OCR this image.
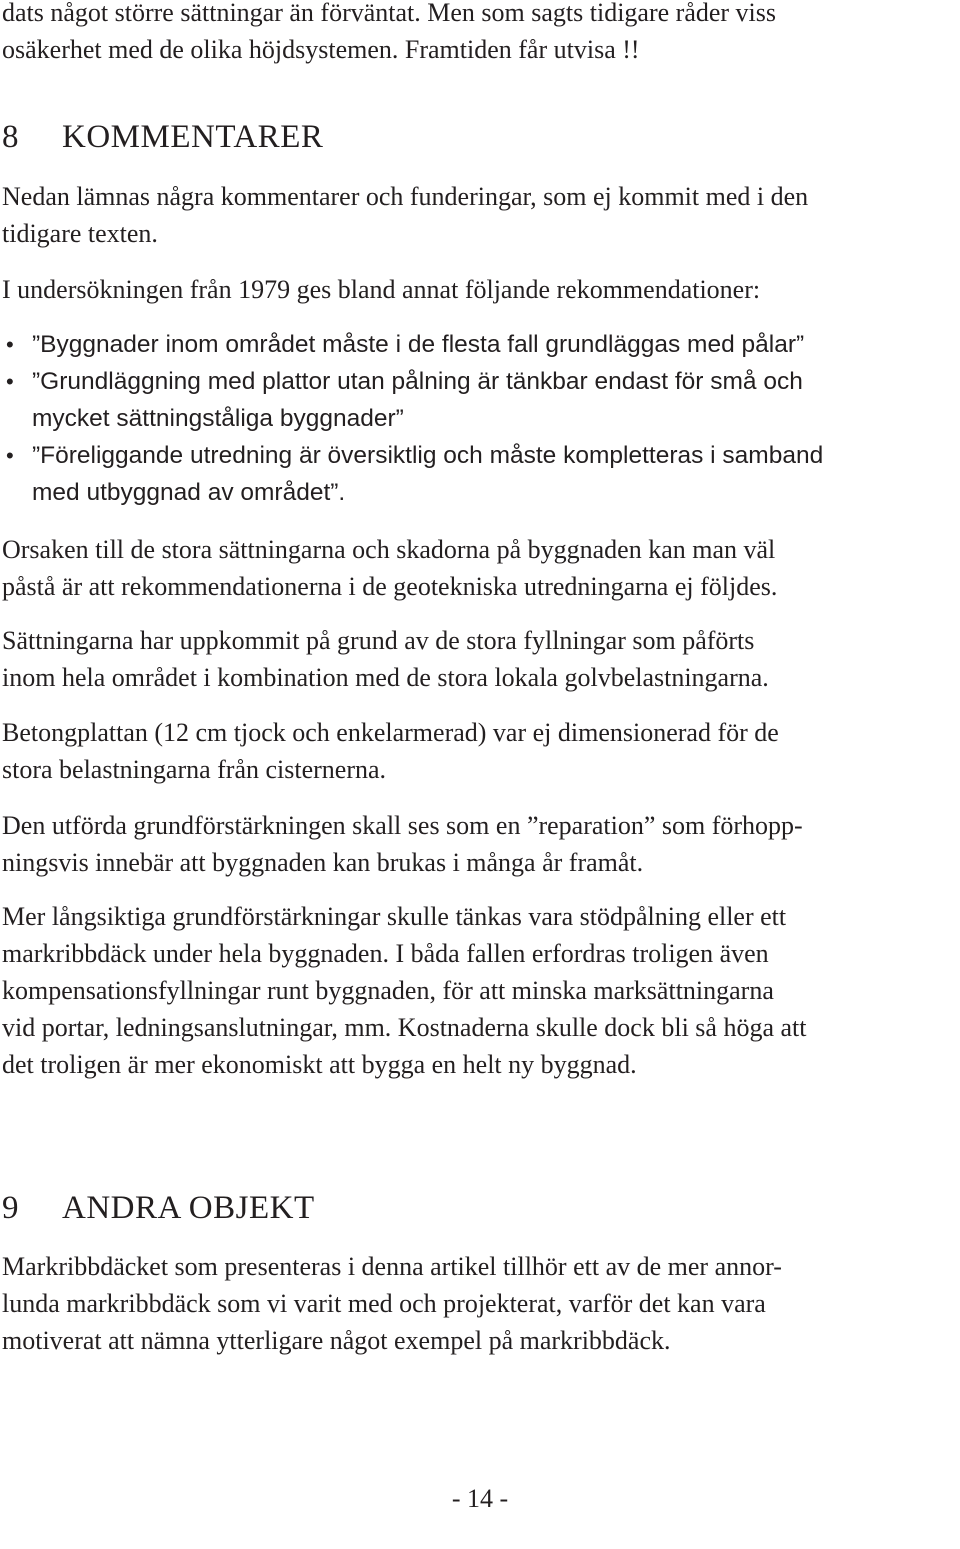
dats något större sättningar än förväntat. Men som sagts tidigare råder viss
osäkerhet med de olika höjdsystemen. Framtiden får utvisa !!

8 KOMMENTARER

Nedan lämnas några kommentarer och funderingar, som ej kommit med i den
tidigare texten.

I undersökningen från 1979 ges bland annat följande rekommendationer:

• ”Byggnader inom området måste i de flesta fall grundläggas med pålar”
• ”Grundläggning med plattor utan pålning är tänkbar endast för små och
mycket sättningståliga byggnader”
• ”Föreliggande utredning är översiktlig och måste kompletteras i samband
med utbyggnad av området”.

Orsaken till de stora sättningarna och skadorna på byggnaden kan man väl
påstå är att rekommendationerna i de geotekniska utredningarna ej följdes.

Sättningarna har uppkommit på grund av de stora fyllningar som påförts
inom hela området i kombination med de stora lokala golvbelastningarna.

Betongplattan (12 cm tjock och enkelarmerad) var ej dimensionerad för de
stora belastningarna från cisternerna.

Den utförda grundförstärkningen skall ses som en ”reparation” som förhopp-
ningsvis innebär att byggnaden kan brukas i många år framåt.

Mer långsiktiga grundförstärkningar skulle tänkas vara stödpålning eller ett
markribbdäck under hela byggnaden. I båda fallen erfordras troligen även
kompensationsfyllningar runt byggnaden, för att minska marksättningarna
vid portar, ledningsanslutningar, mm. Kostnaderna skulle dock bli så höga att
det troligen är mer ekonomiskt att bygga en helt ny byggnad.

9 ANDRA OBJEKT

Markribbdäcket som presenteras i denna artikel tillhör ett av de mer annor-
lunda markribbdäck som vi varit med och projekterat, varför det kan vara
motiverat att nämna ytterligare något exempel på markribbdäck.

- 14 -
